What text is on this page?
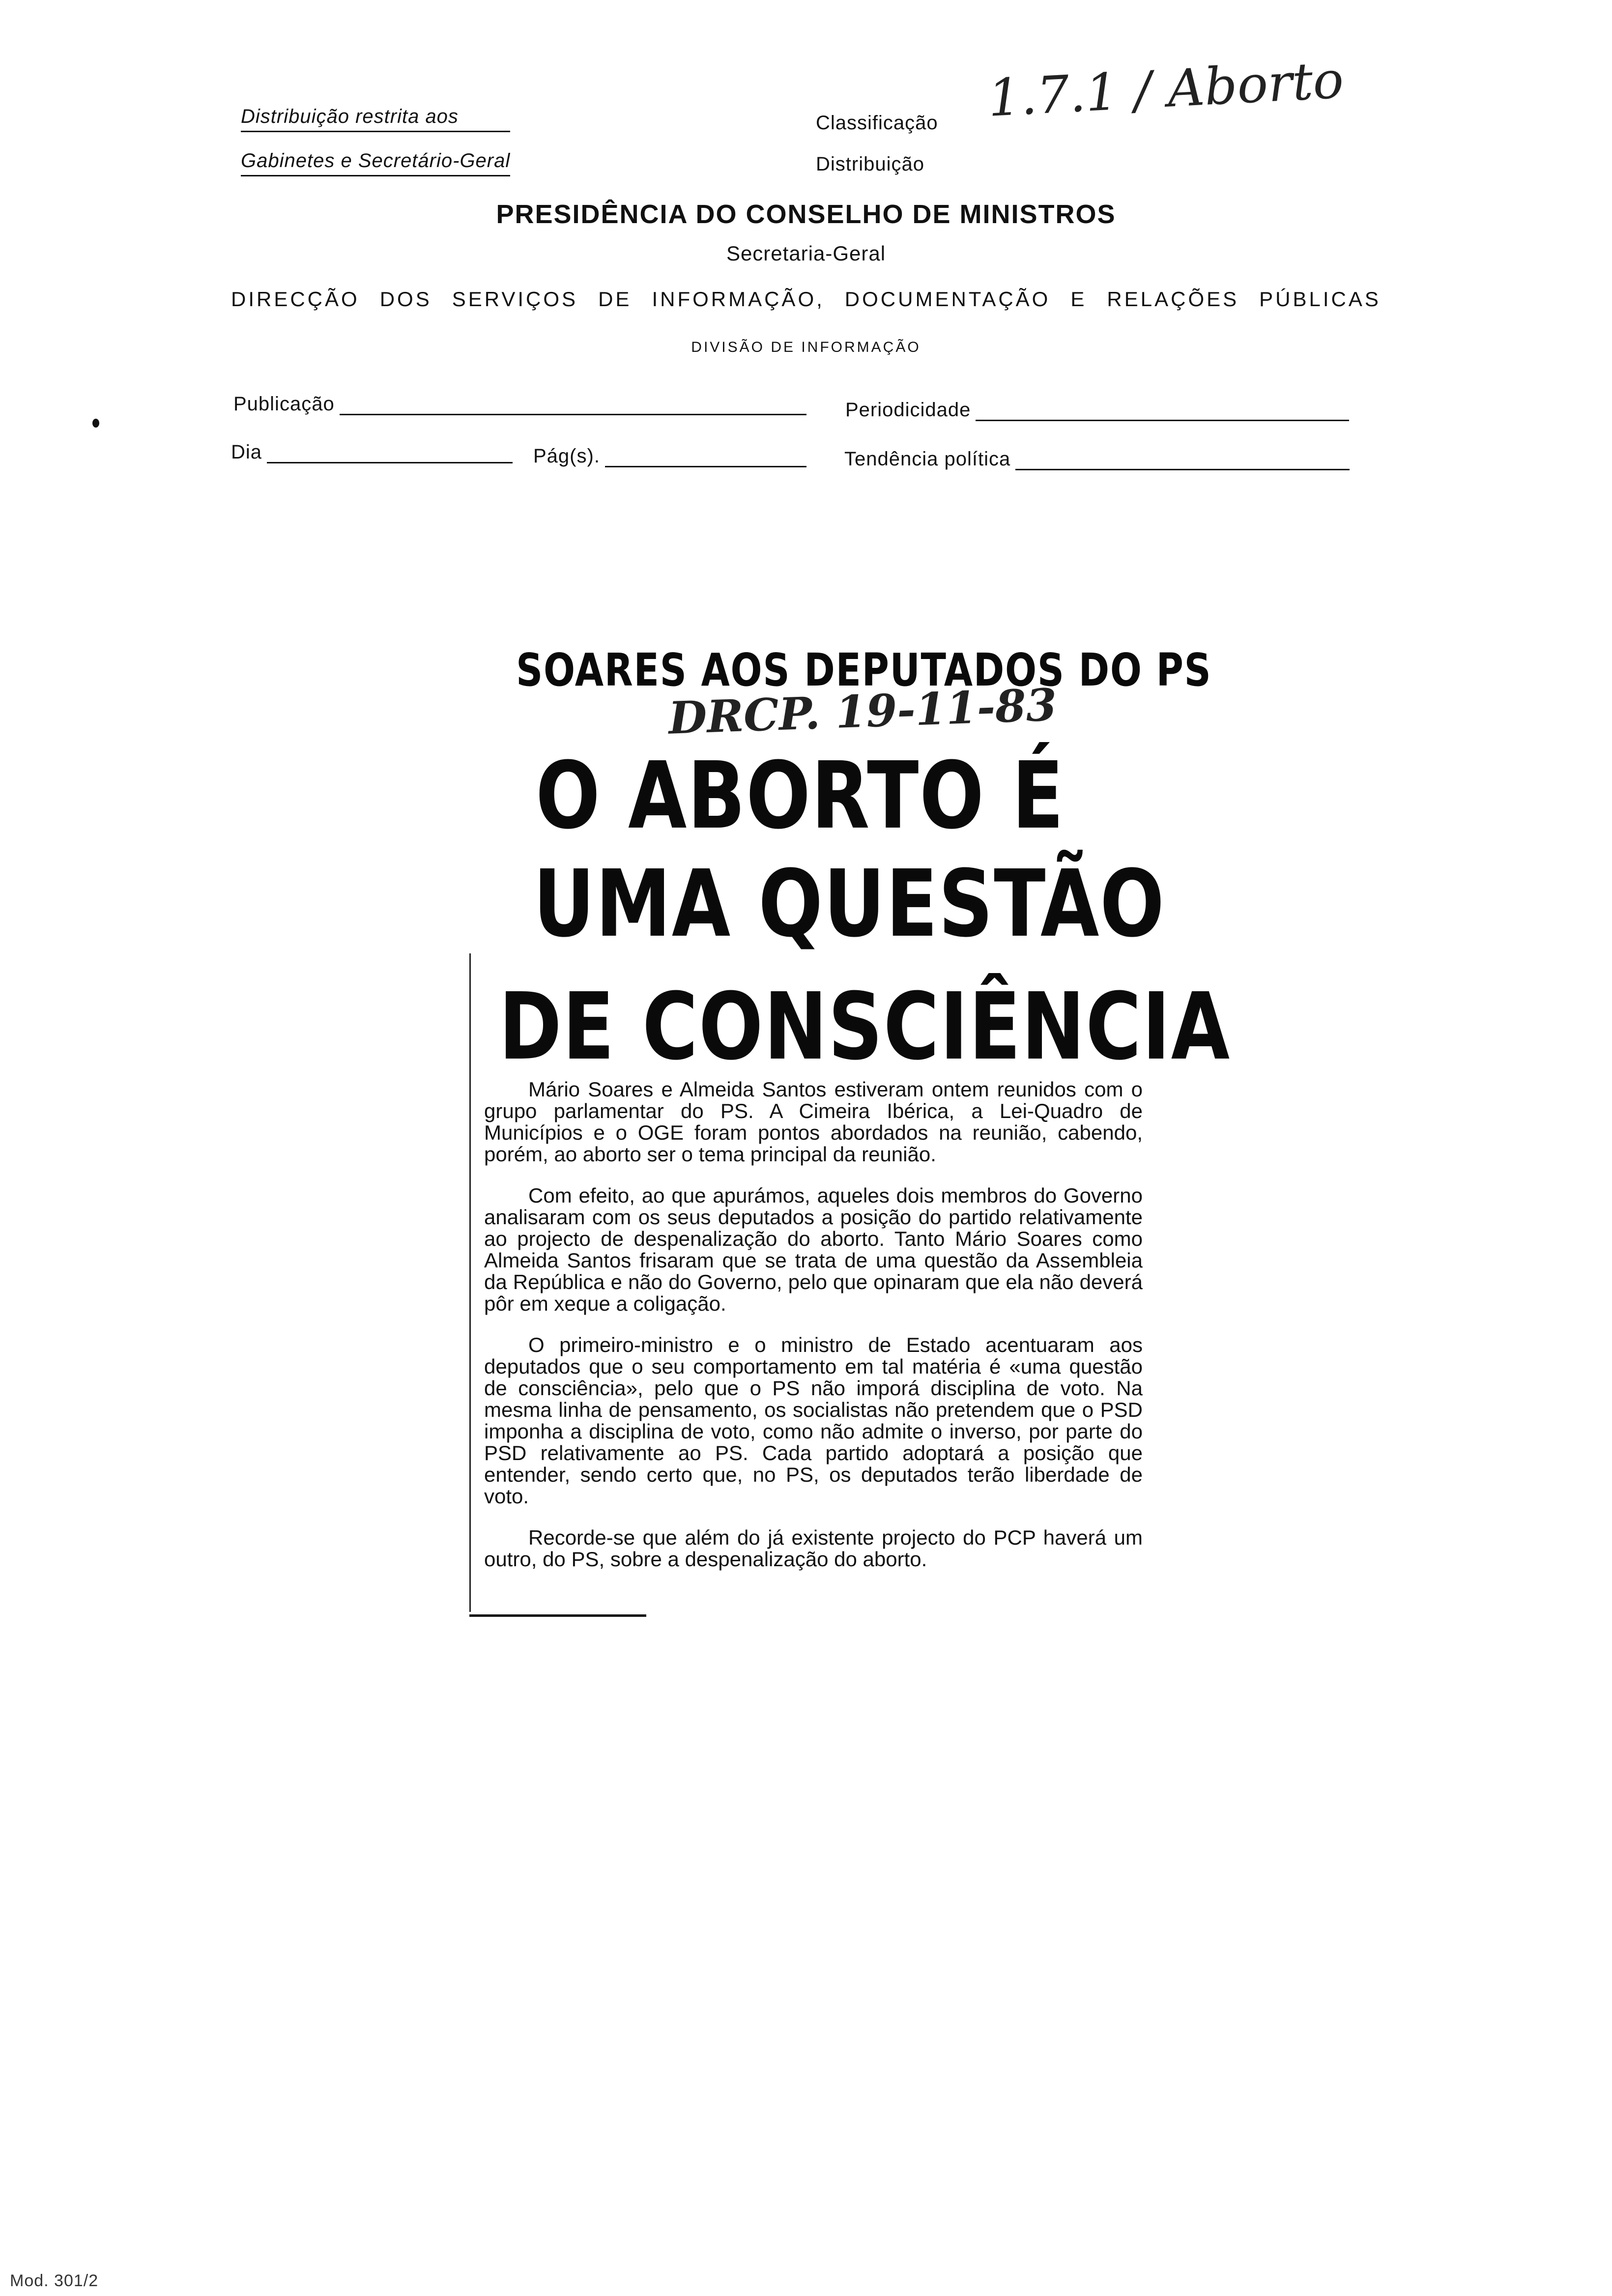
Distribuição restrita aos
Gabinetes e Secretário-Geral
Classificação
Distribuição
1.7.1 / Aborto
PRESIDÊNCIA DO CONSELHO DE MINISTROS
Secretaria-Geral
DIRECÇÃO DOS SERVIÇOS DE INFORMAÇÃO, DOCUMENTAÇÃO E RELAÇÕES PÚBLICAS
DIVISÃO DE INFORMAÇÃO
Publicação	Periodicidade
Dia	Pág(s).	Tendência política
SOARES AOS DEPUTADOS DO PS
DRCP. 19-11-83
O ABORTO É
UMA QUESTÃO
DE CONSCIÊNCIA

Mário Soares e Almeida Santos estiveram ontem reunidos com o grupo parlamentar do PS. A Cimeira Ibérica, a Lei-Quadro de Municípios e o OGE foram pontos abordados na reunião, cabendo, porém, ao aborto ser o tema principal da reunião.

Com efeito, ao que apurámos, aqueles dois membros do Governo analisaram com os seus deputados a posição do partido relativamente ao projecto de despenalização do aborto. Tanto Mário Soares como Almeida Santos frisaram que se trata de uma questão da Assembleia da República e não do Governo, pelo que opinaram que ela não deverá pôr em xeque a coligação.

O primeiro-ministro e o ministro de Estado acentuaram aos deputados que o seu comportamento em tal matéria é «uma questão de consciência», pelo que o PS não imporá disciplina de voto. Na mesma linha de pensamento, os socialistas não pretendem que o PSD imponha a disciplina de voto, como não admite o inverso, por parte do PSD relativamente ao PS. Cada partido adoptará a posição que entender, sendo certo que, no PS, os deputados terão liberdade de voto.

Recorde-se que além do já existente projecto do PCP haverá um outro, do PS, sobre a despenalização do aborto.

Mod. 301/2
